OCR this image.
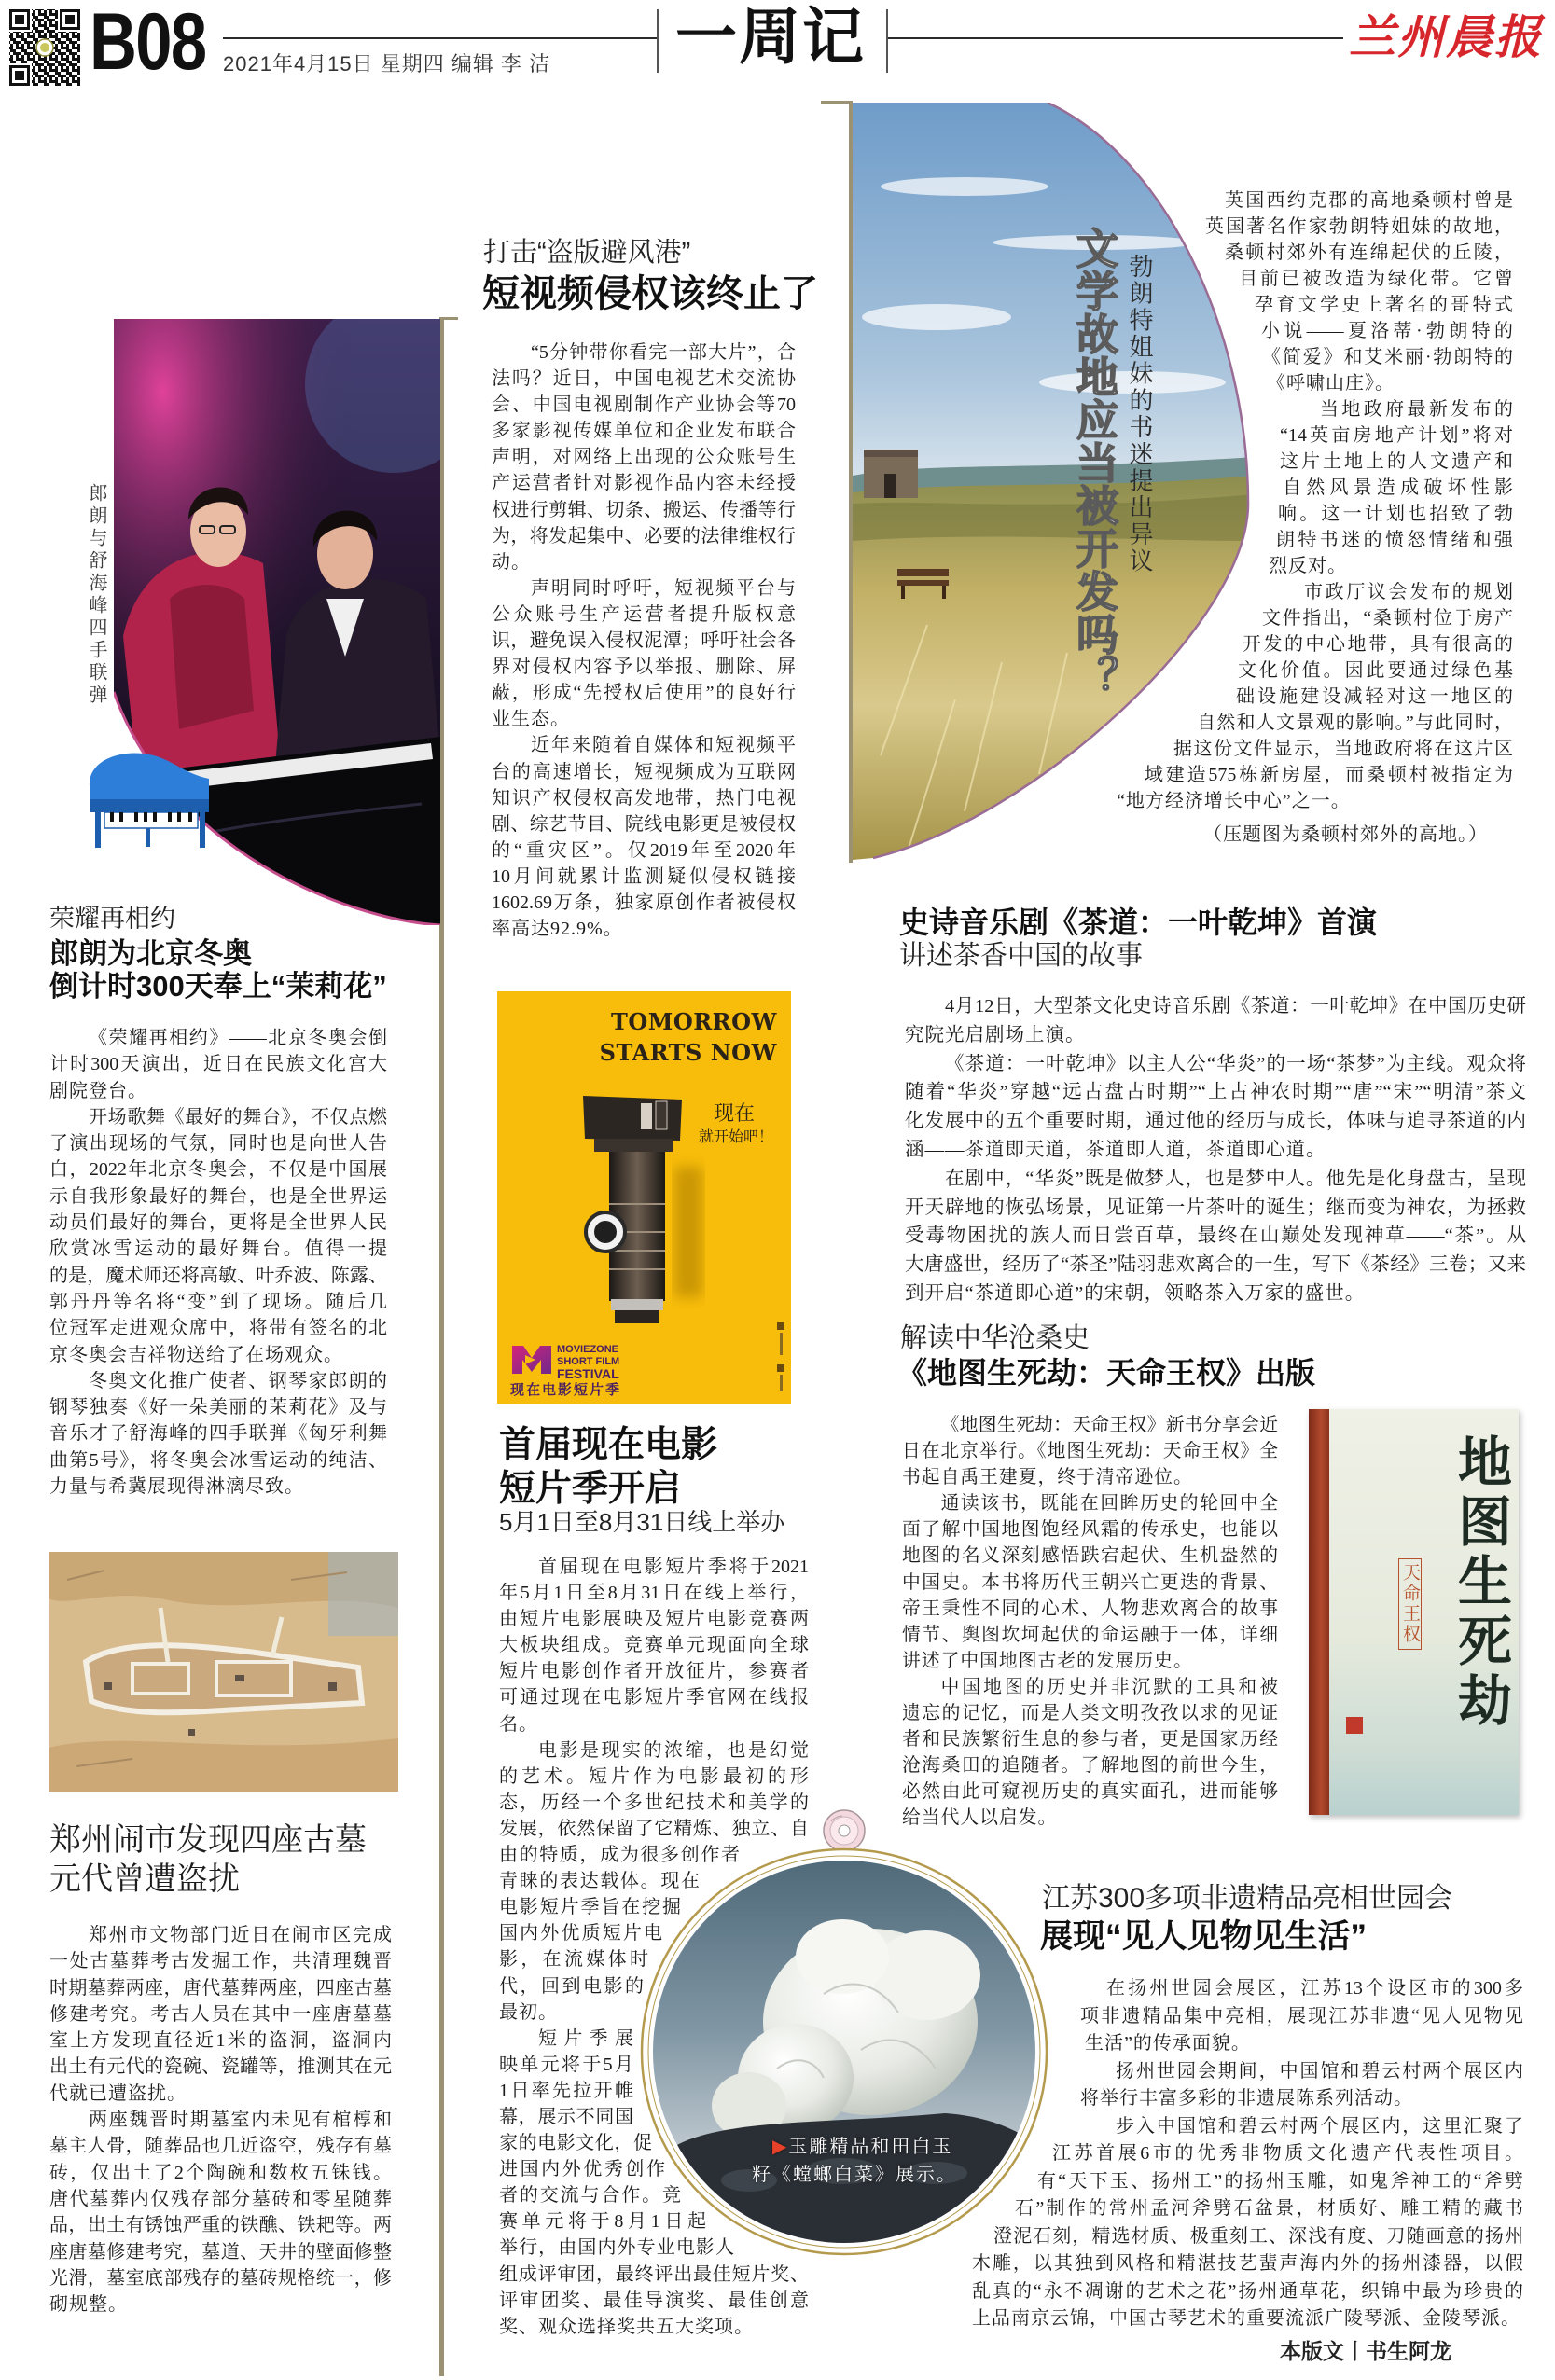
B08 2021年4月15日 星期四 编辑 李 洁 一周记	兰州晨报
郎朗与舒海峰四手联弹
荣耀再相约
郎朗为北京冬奥
倒计时300天奉上“茉莉花”
《荣耀再相约》——北京冬奥会倒
计时300天演出，近日在民族文化宫大
剧院登台。
开场歌舞《最好的舞台》，不仅点燃
了演出现场的气氛，同时也是向世人告
白，2022年北京冬奥会，不仅是中国展
示自我形象最好的舞台，也是全世界运
动员们最好的舞台，更将是全世界人民
欣赏冰雪运动的最好舞台。值得一提
的是，魔术师还将高敏、叶乔波、陈露、
郭丹丹等名将“变”到了现场。随后几
位冠军走进观众席中，将带有签名的北
京冬奥会吉祥物送给了在场观众。
冬奥文化推广使者、钢琴家郎朗的
钢琴独奏《好一朵美丽的茉莉花》及与
音乐才子舒海峰的四手联弹《匈牙利舞
曲第5号》，将冬奥会冰雪运动的纯洁、
力量与希冀展现得淋漓尽致。
郑州闹市发现四座古墓
元代曾遭盗扰
郑州市文物部门近日在闹市区完成
一处古墓葬考古发掘工作，共清理魏晋
时期墓葬两座，唐代墓葬两座，四座古墓
修建考究。考古人员在其中一座唐墓墓
室上方发现直径近1米的盗洞，盗洞内
出土有元代的瓷碗、瓷罐等，推测其在元
代就已遭盗扰。
两座魏晋时期墓室内未见有棺椁和
墓主人骨，随葬品也几近盗空，残存有墓
砖，仅出土了2个陶碗和数枚五铢钱。
唐代墓葬内仅残存部分墓砖和零星随葬
品，出土有锈蚀严重的铁醮、铁耙等。两
座唐墓修建考究，墓道、天井的壁面修整
光滑，墓室底部残存的墓砖规格统一，修
砌规整。
打击“盗版避风港”
短视频侵权该终止了
“5分钟带你看完一部大片”，合
法吗？近日，中国电视艺术交流协
会、中国电视剧制作产业协会等70
多家影视传媒单位和企业发布联合
声明，对网络上出现的公众账号生
产运营者针对影视作品内容未经授
权进行剪辑、切条、搬运、传播等行
为，将发起集中、必要的法律维权行
动。
声明同时呼吁，短视频平台与
公众账号生产运营者提升版权意
识，避免误入侵权泥潭；呼吁社会各
界对侵权内容予以举报、删除、屏
蔽，形成“先授权后使用”的良好行
业生态。
近年来随着自媒体和短视频平
台的高速增长，短视频成为互联网
知识产权侵权高发地带，热门电视
剧、综艺节目、院线电影更是被侵权
的“重灾区”。仅2019年至2020年
10月间就累计监测疑似侵权链接
1602.69万条，独家原创作者被侵权
率高达92.9%。
TOMORROW
STARTS NOW
现在
就开始吧！
MOVIEZONE
SHORT FILM
FESTIVAL
现在电影短片季
首届现在电影
短片季开启
5月1日至8月31日线上举办
首届现在电影短片季将于2021
年5月1日至8月31日在线上举行，
由短片电影展映及短片电影竞赛两
大板块组成。竞赛单元现面向全球
短片电影创作者开放征片，参赛者
可通过现在电影短片季官网在线报
名。
电影是现实的浓缩，也是幻觉
的艺术。短片作为电影最初的形
态，历经一个多世纪技术和美学的
发展，依然保留了它精炼、独立、自
由的特质，成为很多创作者
青睐的表达载体。现在
电影短片季旨在挖掘
国内外优质短片电
影，在流媒体时
代，回到电影的
最初。
短片季展
映单元将于5月
1日率先拉开帷
幕，展示不同国
家的电影文化，促
进国内外优秀创作
者的交流与合作。竞
赛单元将于8月1日起
举行，由国内外专业电影人
组成评审团，最终评出最佳短片奖、
评审团奖、最佳导演奖、最佳创意
奖、观众选择奖共五大奖项。
文学故地应当被开发吗？ 勃朗特姐妹的书迷提出异议
英国西约克郡的高地桑顿村曾是
英国著名作家勃朗特姐妹的故地，
桑顿村郊外有连绵起伏的丘陵，
目前已被改造为绿化带。它曾
孕育文学史上著名的哥特式
小说——夏洛蒂·勃朗特的
《简爱》和艾米丽·勃朗特的
《呼啸山庄》。
当地政府最新发布的
“14英亩房地产计划”将对
这片土地上的人文遗产和
自然风景造成破坏性影
响。这一计划也招致了勃
朗特书迷的愤怒情绪和强
烈反对。
市政厅议会发布的规划
文件指出，“桑顿村位于房产
开发的中心地带，具有很高的
文化价值。因此要通过绿色基
础设施建设减轻对这一地区的
自然和人文景观的影响。”与此同时，
据这份文件显示，当地政府将在这片区
域建造575栋新房屋，而桑顿村被指定为
“地方经济增长中心”之一。
（压题图为桑顿村郊外的高地。）
史诗音乐剧《茶道：一叶乾坤》首演
讲述茶香中国的故事
4月12日，大型茶文化史诗音乐剧《茶道：一叶乾坤》在中国历史研
究院光启剧场上演。
《茶道：一叶乾坤》以主人公“华炎”的一场“茶梦”为主线。观众将
随着“华炎”穿越“远古盘古时期”“上古神农时期”“唐”“宋”“明清”茶文
化发展中的五个重要时期，通过他的经历与成长，体味与追寻茶道的内
涵——茶道即天道，茶道即人道，茶道即心道。
在剧中，“华炎”既是做梦人，也是梦中人。他先是化身盘古，呈现
开天辟地的恢弘场景，见证第一片茶叶的诞生；继而变为神农，为拯救
受毒物困扰的族人而日尝百草，最终在山巅处发现神草——“茶”。从
大唐盛世，经历了“茶圣”陆羽悲欢离合的一生，写下《茶经》三卷；又来
到开启“茶道即心道”的宋朝，领略茶入万家的盛世。
解读中华沧桑史
《地图生死劫：天命王权》出版
《地图生死劫：天命王权》新书分享会近
日在北京举行。《地图生死劫：天命王权》全
书起自禹王建夏，终于清帝逊位。
通读该书，既能在回眸历史的轮回中全
面了解中国地图饱经风霜的传承史，也能以
地图的名义深刻感悟跌宕起伏、生机盎然的
中国史。本书将历代王朝兴亡更迭的背景、
帝王秉性不同的心术、人物悲欢离合的故事
情节、舆图坎坷起伏的命运融于一体，详细
讲述了中国地图古老的发展历史。
中国地图的历史并非沉默的工具和被
遗忘的记忆，而是人类文明孜孜以求的见证
者和民族繁衍生息的参与者，更是国家历经
沧海桑田的追随者。了解地图的前世今生，
必然由此可窥视历史的真实面孔，进而能够
给当代人以启发。
地图生死劫
天命王权
▶玉雕精品和田白玉
籽《螳螂白菜》展示。
江苏300多项非遗精品亮相世园会
展现“见人见物见生活”
在扬州世园会展区，江苏13个设区市的300多
项非遗精品集中亮相，展现江苏非遗“见人见物见
生活”的传承面貌。
扬州世园会期间，中国馆和碧云村两个展区内
将举行丰富多彩的非遗展陈系列活动。
步入中国馆和碧云村两个展区内，这里汇聚了
江苏首展6市的优秀非物质文化遗产代表性项目。
有“天下玉、扬州工”的扬州玉雕，如鬼斧神工的“斧劈
石”制作的常州孟河斧劈石盆景，材质好、雕工精的藏书
澄泥石刻，精选材质、极重刻工、深浅有度、刀随画意的扬州
木雕，以其独到风格和精湛技艺蜚声海内外的扬州漆器，以假
乱真的“永不凋谢的艺术之花”扬州通草花，织锦中最为珍贵的
上品南京云锦，中国古琴艺术的重要流派广陵琴派、金陵琴派。
本版文丨书生阿龙
